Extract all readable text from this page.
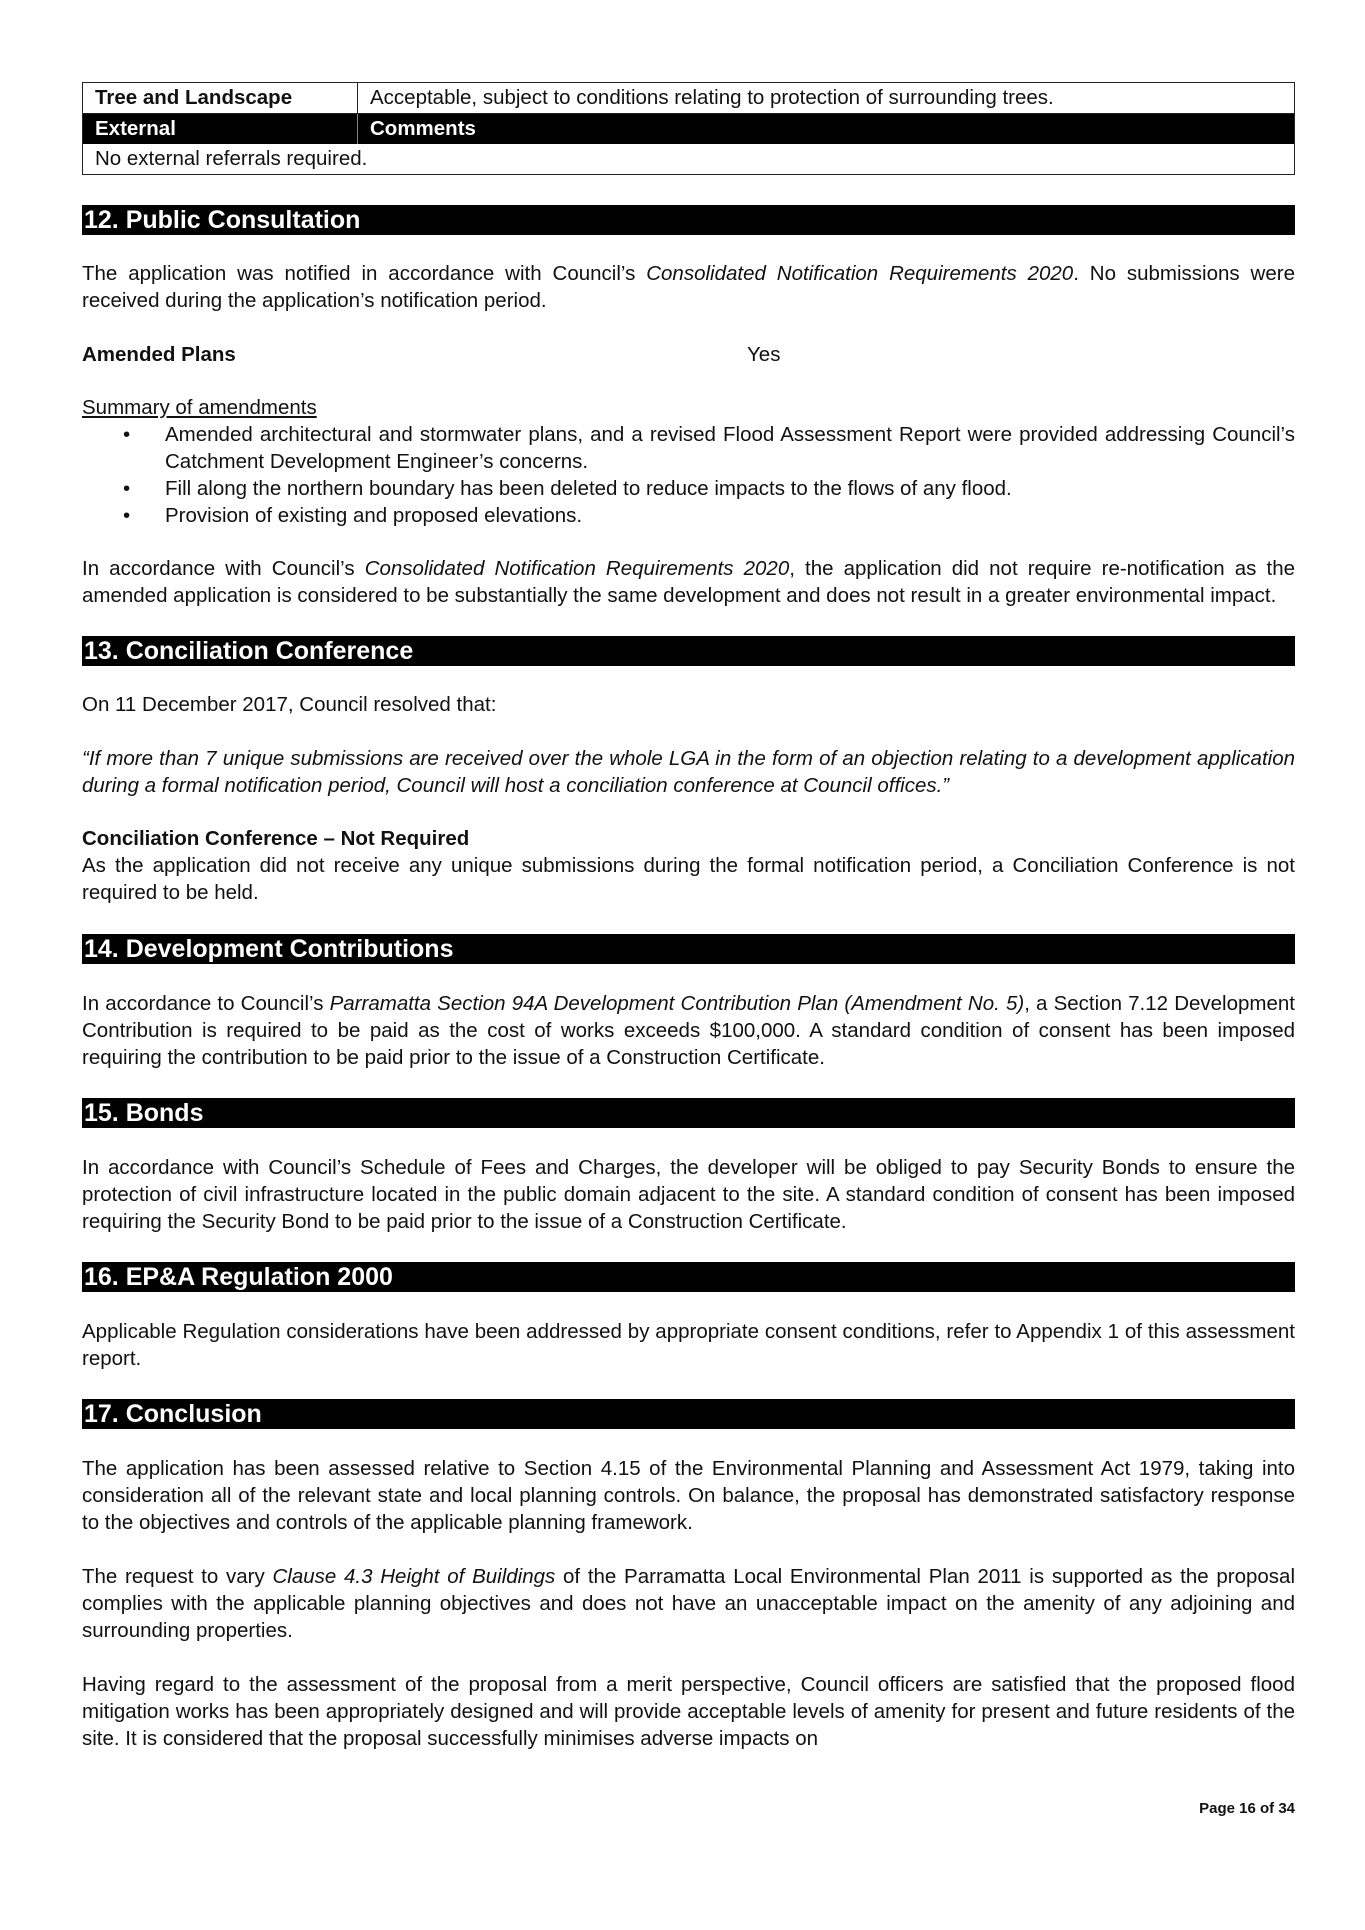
Tree and Landscape	Acceptable, subject to conditions relating to protection of surrounding trees.
External	Comments
No external referrals required.	
12. Public Consultation

The application was notified in accordance with Council’s Consolidated Notification Requirements 2020. No submissions were received during the application’s notification period.

Amended Plans	Yes
Summary of amendments
• Amended architectural and stormwater plans, and a revised Flood Assessment Report were provided addressing Council’s Catchment Development Engineer’s concerns.
• Fill along the northern boundary has been deleted to reduce impacts to the flows of any flood.
• Provision of existing and proposed elevations.

In accordance with Council’s Consolidated Notification Requirements 2020, the application did not require re-notification as the amended application is considered to be substantially the same development and does not result in a greater environmental impact.

13. Conciliation Conference

On 11 December 2017, Council resolved that:

“If more than 7 unique submissions are received over the whole LGA in the form of an objection relating to a development application during a formal notification period, Council will host a conciliation conference at Council offices.”

Conciliation Conference – Not Required

As the application did not receive any unique submissions during the formal notification period, a Conciliation Conference is not required to be held.

14. Development Contributions

In accordance to Council’s Parramatta Section 94A Development Contribution Plan (Amendment No. 5), a Section 7.12 Development Contribution is required to be paid as the cost of works exceeds $100,000. A standard condition of consent has been imposed requiring the contribution to be paid prior to the issue of a Construction Certificate.

15. Bonds

In accordance with Council’s Schedule of Fees and Charges, the developer will be obliged to pay Security Bonds to ensure the protection of civil infrastructure located in the public domain adjacent to the site. A standard condition of consent has been imposed requiring the Security Bond to be paid prior to the issue of a Construction Certificate.

16. EP&A Regulation 2000

Applicable Regulation considerations have been addressed by appropriate consent conditions, refer to Appendix 1 of this assessment report.

17. Conclusion

The application has been assessed relative to Section 4.15 of the Environmental Planning and Assessment Act 1979, taking into consideration all of the relevant state and local planning controls. On balance, the proposal has demonstrated satisfactory response to the objectives and controls of the applicable planning framework.

The request to vary Clause 4.3 Height of Buildings of the Parramatta Local Environmental Plan 2011 is supported as the proposal complies with the applicable planning objectives and does not have an unacceptable impact on the amenity of any adjoining and surrounding properties.

Having regard to the assessment of the proposal from a merit perspective, Council officers are satisfied that the proposed flood mitigation works has been appropriately designed and will provide acceptable levels of amenity for present and future residents of the site. It is considered that the proposal successfully minimises adverse impacts on

Page 16 of 34
